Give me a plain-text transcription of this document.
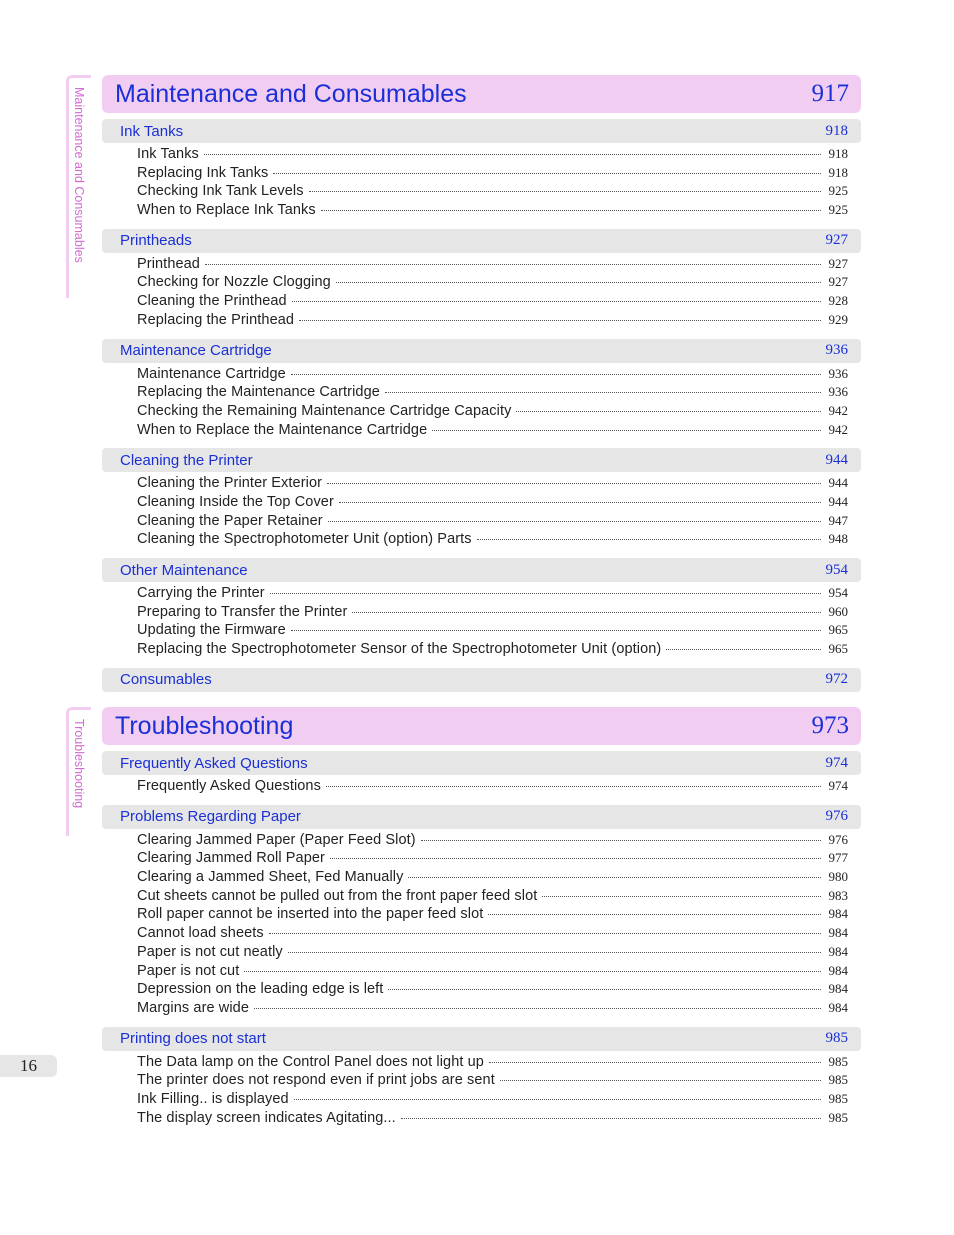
Maintenance and Consumables
Troubleshooting
Maintenance and Consumables	917
Ink Tanks	918
Ink Tanks	918
Replacing Ink Tanks	918
Checking Ink Tank Levels	925
When to Replace Ink Tanks	925
Printheads	927
Printhead	927
Checking for Nozzle Clogging	927
Cleaning the Printhead	928
Replacing the Printhead	929
Maintenance Cartridge	936
Maintenance Cartridge	936
Replacing the Maintenance Cartridge	936
Checking the Remaining Maintenance Cartridge Capacity	942
When to Replace the Maintenance Cartridge	942
Cleaning the Printer	944
Cleaning the Printer Exterior	944
Cleaning Inside the Top Cover	944
Cleaning the Paper Retainer	947
Cleaning the Spectrophotometer Unit (option) Parts	948
Other Maintenance	954
Carrying the Printer	954
Preparing to Transfer the Printer	960
Updating the Firmware	965
Replacing the Spectrophotometer Sensor of the Spectrophotometer Unit (option)	965
Consumables	972
Troubleshooting	973
Frequently Asked Questions	974
Frequently Asked Questions	974
Problems Regarding Paper	976
Clearing Jammed Paper (Paper Feed Slot)	976
Clearing Jammed Roll Paper	977
Clearing a Jammed Sheet, Fed Manually	980
Cut sheets cannot be pulled out from the front paper feed slot	983
Roll paper cannot be inserted into the paper feed slot	984
Cannot load sheets	984
Paper is not cut neatly	984
Paper is not cut	984
Depression on the leading edge is left	984
Margins are wide	984
Printing does not start	985
The Data lamp on the Control Panel does not light up	985
The printer does not respond even if print jobs are sent	985
Ink Filling.. is displayed	985
The display screen indicates Agitating...	985
16
